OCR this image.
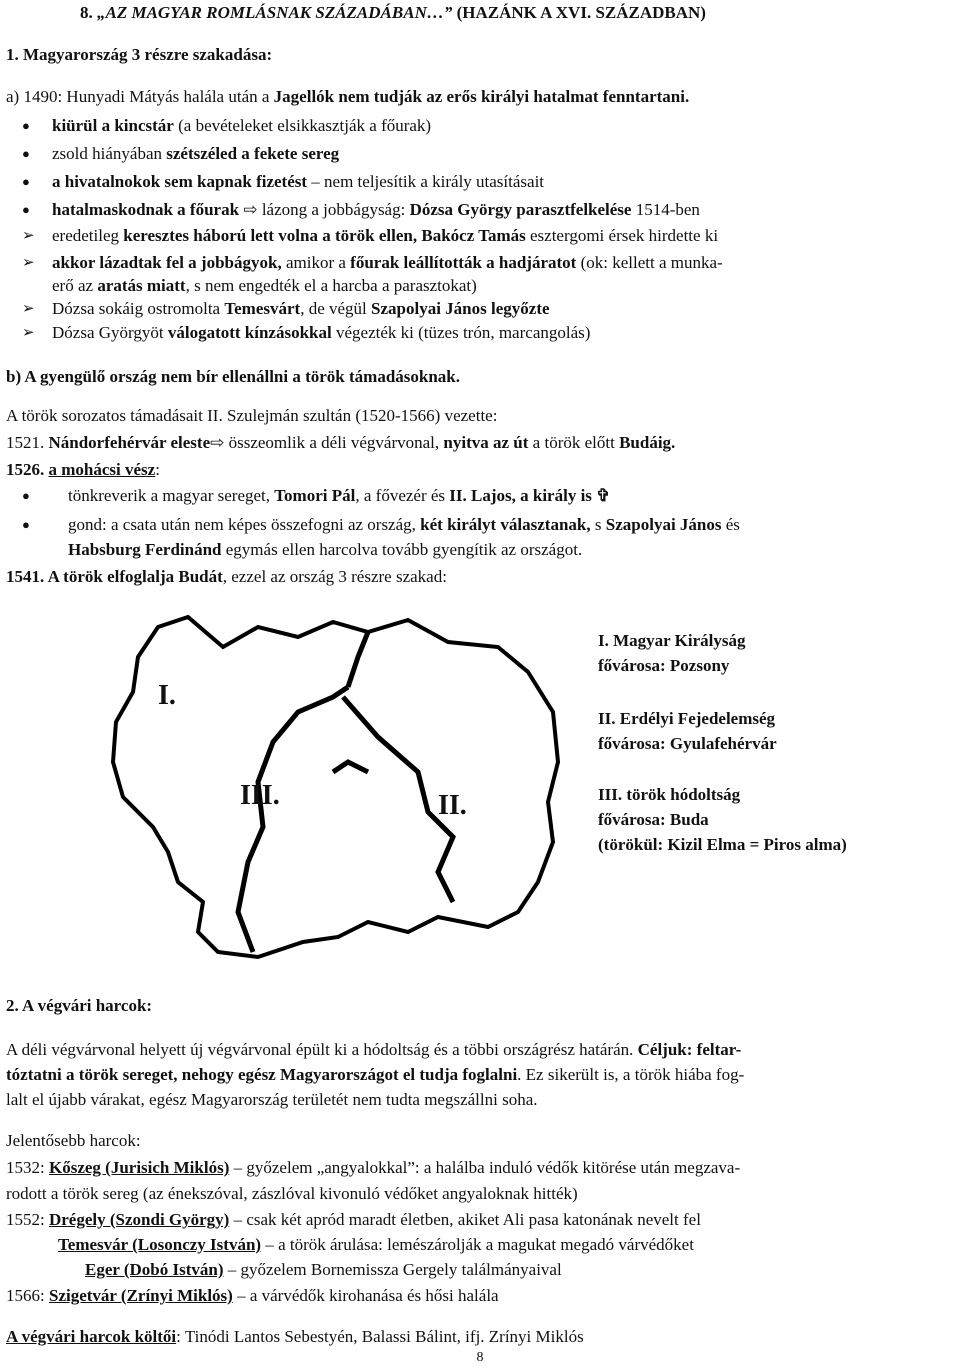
8. „AZ MAGYAR ROMLÁSNAK SZÁZADÁBAN…” (HAZÁNK A XVI. SZÁZADBAN)
1. Magyarország 3 részre szakadása:
a) 1490: Hunyadi Mátyás halála után a Jagellók nem tudják az erős királyi hatalmat fenntartani.
● kiürül a kincstár (a bevételeket elsikkasztják a főurak)
● zsold hiányában szétszéled a fekete sereg
● a hivatalnokok sem kapnak fizetést – nem teljesítik a király utasításait
● hatalmaskodnak a főurak ⇨ lázong a jobbágyság: Dózsa György parasztfelkelése 1514-ben
➢ eredetileg keresztes háború lett volna a török ellen, Bakócz Tamás esztergomi érsek hirdette ki
➢ akkor lázadtak fel a jobbágyok, amikor a főurak leállították a hadjáratot (ok: kellett a munka-
erő az aratás miatt, s nem engedték el a harcba a parasztokat)
➢ Dózsa sokáig ostromolta Temesvárt, de végül Szapolyai János legyőzte
➢ Dózsa Györgyöt válogatott kínzásokkal végezték ki (tüzes trón, marcangolás)
b) A gyengülő ország nem bír ellenállni a török támadásoknak.
A török sorozatos támadásait II. Szulejmán szultán (1520-1566) vezette:
1521. Nándorfehérvár eleste⇨ összeomlik a déli végvárvonal, nyitva az út a török előtt Budáig.
1526. a mohácsi vész:
● tönkreverik a magyar sereget, Tomori Pál, a fővezér és II. Lajos, a király is ✞
● gond: a csata után nem képes összefogni az ország, két királyt választanak, s Szapolyai János és
Habsburg Ferdinánd egymás ellen harcolva tovább gyengítik az országot.
1541. A török elfoglalja Budát, ezzel az ország 3 részre szakad:
I.
III.	II.
I. Magyar Királyság
fővárosa: Pozsony
II. Erdélyi Fejedelemség
fővárosa: Gyulafehérvár
III. török hódoltság
fővárosa: Buda
(törökül: Kizil Elma = Piros alma)
2. A végvári harcok:
A déli végvárvonal helyett új végvárvonal épült ki a hódoltság és a többi országrész határán. Céljuk: feltar-
tóztatni a török sereget, nehogy egész Magyarországot el tudja foglalni. Ez sikerült is, a török hiába fog-
lalt el újabb várakat, egész Magyarország területét nem tudta megszállni soha.
Jelentősebb harcok:
1532: Kőszeg (Jurisich Miklós) – győzelem „angyalokkal”: a halálba induló védők kitörése után megzava-
rodott a török sereg (az énekszóval, zászlóval kivonuló védőket angyaloknak hitték)
1552: Drégely (Szondi György) – csak két apród maradt életben, akiket Ali pasa katonának nevelt fel
Temesvár (Losonczy István) – a török árulása: lemészárolják a magukat megadó várvédőket
Eger (Dobó István) – győzelem Bornemissza Gergely találmányaival
1566: Szigetvár (Zrínyi Miklós) – a várvédők kirohanása és hősi halála
A végvári harcok költői: Tinódi Lantos Sebestyén, Balassi Bálint, ifj. Zrínyi Miklós
8
